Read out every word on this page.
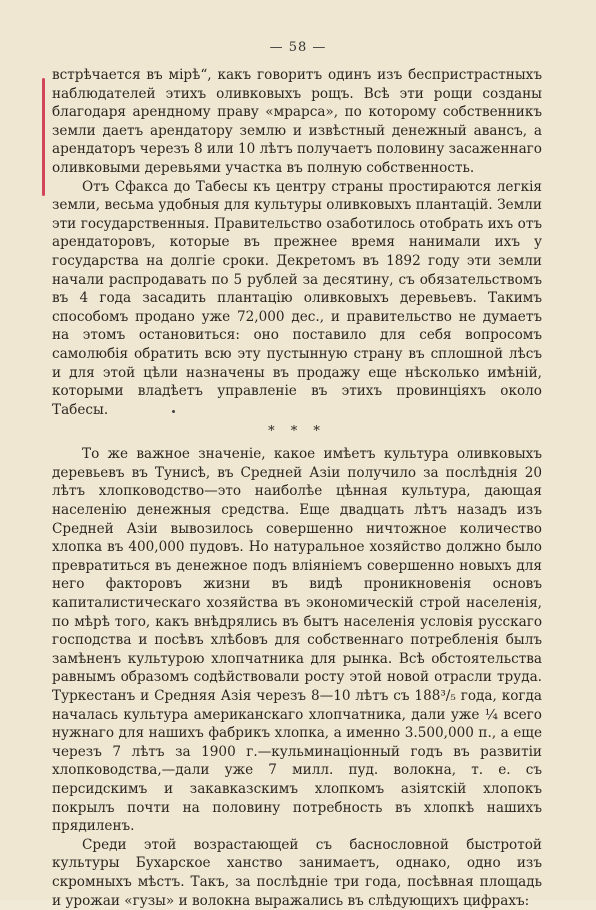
— 58 —

встрѣчается въ мірѣ“, какъ говоритъ одинъ изъ беспристрастныхъ наблюдателей этихъ оливковыхъ рощъ. Всѣ эти рощи созданы благодаря арендному праву «мрарса», по которому собственникъ земли даетъ арендатору землю и извѣстный денежный авансъ, а арендаторъ черезъ 8 или 10 лѣтъ получаетъ половину засаженнаго оливковыми деревьями участка въ полную собственность.

Отъ Сфакса до Табесы къ центру страны простираются легкія земли, весьма удобныя для культуры оливковыхъ плантацій. Земли эти государственныя. Правительство озаботилось отобрать ихъ отъ арендаторовъ, которые въ прежнее время нанимали ихъ у государства на долгіе сроки. Декретомъ въ 1892 году эти земли начали распродавать по 5 рублей за десятину, съ обязательствомъ въ 4 года засадить плантацію оливковыхъ деревьевъ. Такимъ способомъ продано уже 72,000 дес., и правительство не думаетъ на этомъ остановиться: оно поставило для себя вопросомъ самолюбія обратить всю эту пустынную страну въ сплошной лѣсъ и для этой цѣли назначены въ продажу еще нѣсколько имѣній, которыми владѣетъ управленіе въ этихъ провинціяхъ около Табесы.

* * *

То же важное значеніе, какое имѣетъ культура оливковыхъ деревьевъ въ Тунисѣ, въ Средней Азіи получило за послѣднія 20 лѣтъ хлопководство—это наиболѣе цѣнная культура, дающая населенію денежныя средства. Еще двадцать лѣтъ назадъ изъ Средней Азіи вывозилось совершенно ничтожное количество хлопка въ 400,000 пудовъ. Но натуральное хозяйство должно было превратиться въ денежное подъ вліяніемъ совершенно новыхъ для него факторовъ жизни въ видѣ проникновенія основъ капиталистическаго хозяйства въ экономическій строй населенія, по мѣрѣ того, какъ внѣдрялись въ бытъ населенія условія русскаго господства и посѣвъ хлѣбовъ для собственнаго потребленія былъ замѣненъ культурою хлопчатника для рынка. Всѣ обстоятельства равнымъ образомъ содѣйствовали росту этой новой отрасли труда. Туркестанъ и Средняя Азія черезъ 8—10 лѣтъ съ 188³/₅ года, когда началась культура американскаго хлопчатника, дали уже ¼ всего нужнаго для нашихъ фабрикъ хлопка, а именно 3.500,000 п., а еще черезъ 7 лѣтъ за 1900 г.—кульминаціонный годъ въ развитіи хлопководства,—дали уже 7 милл. пуд. волокна, т. е. съ персидскимъ и закавказскимъ хлопкомъ азіятскій хлопокъ покрылъ почти на половину потребность въ хлопкѣ нашихъ прядиленъ.

Среди этой возрастающей съ баснословной быстротой культуры Бухарское ханство занимаетъ, однако, одно изъ скромныхъ мѣстъ. Такъ, за послѣдніе три года, посѣвная площадь и урожаи «гузы» и волокна выражались въ слѣдующихъ цифрахъ:
